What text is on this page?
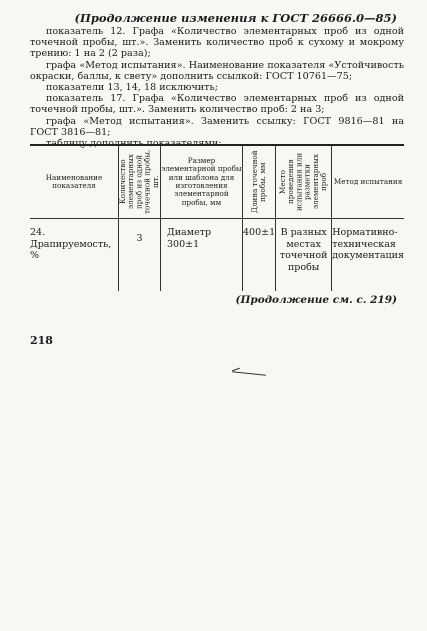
(Продолжение изменения к ГОСТ 26666.0—85)

показатель 12. Графа «Количество элементарных проб из одной точечной пробы, шт.». Заменить количество проб к сухому и мокрому трению: 1 на 2 (2 раза);

графа «Метод испытания». Наименование показателя «Устойчивость окраски, баллы, к свету» дополнить ссылкой: ГОСТ 10761—75;

показатели 13, 14, 18 исключить;

показатель 17. Графа «Количество элементарных проб из одной точечной пробы, шт.». Заменить количество проб: 2 на 3;

графа «Метод испытания». Заменить ссылку: ГОСТ 9816—81 на ГОСТ 3816—81;

таблицу дополнить показателями:

Наименование показателя	Количество элементарных проб из одной точечной пробы, шт.	Размер элементарной пробы или шаблона для изготовления элементарной пробы, мм	Длина точечной пробы, мм	Место проведения испытания или разметки элементарных проб	Метод испытания

24. Драпируемость, %	3	Диаметр 300±1	400±1	В разных местах точечной пробы	Нормативно-техническая документация
(Продолжение см. с. 219)
218
